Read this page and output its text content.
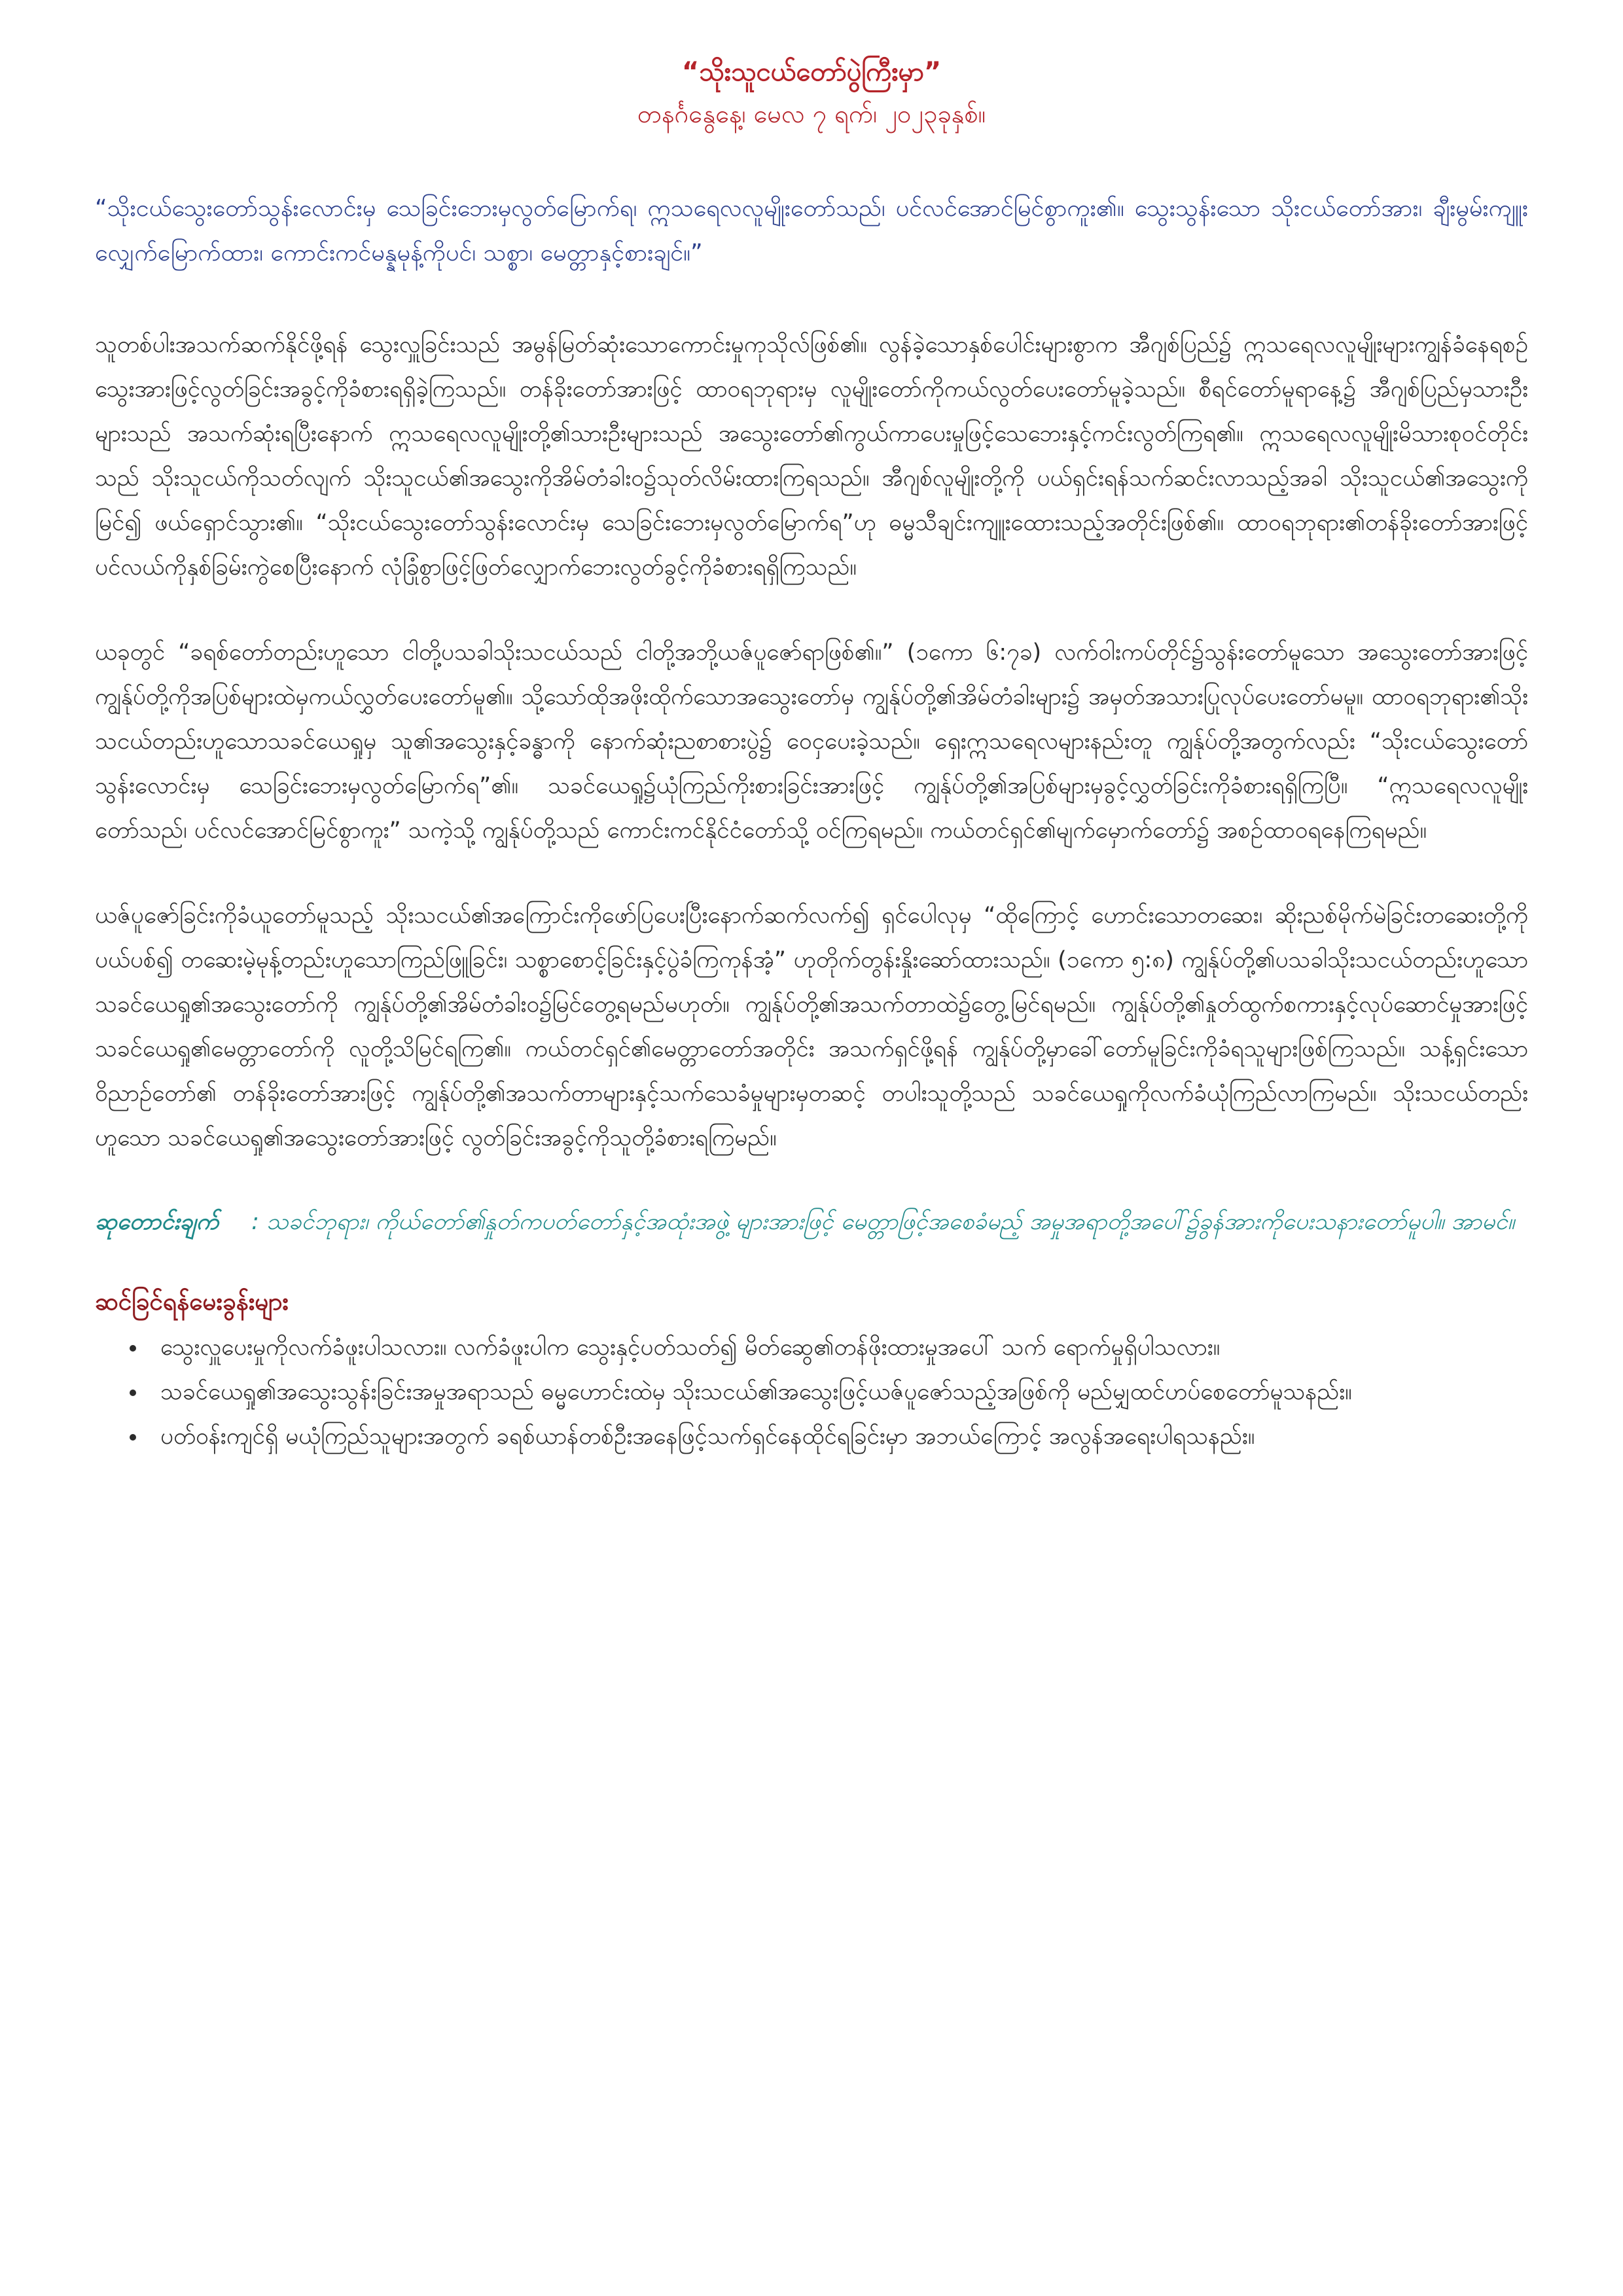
“သိုးသူငယ်တော်ပွဲကြီးမှာ”

တနင်္ဂနွေနေ့၊ မေလ ၇ ရက်၊ ၂၀၂၃ခုနှစ်။

“သိုးငယ်သွေးတော်သွန်းလောင်းမှ သေခြင်းဘေးမှလွတ်မြောက်ရ၊ ဣသရေလလူမျိုးတော်သည်၊ ပင်လင်အောင်မြင်စွာကူး၏။ သွေးသွန်းသော သိုးငယ်တော်အား၊ ချီးမွမ်းကျူးလျှေက်မြောက်ထား၊ ကောင်းကင်မန္နမုန့်ကိုပင်၊ သစ္စာ၊ မေတ္တာနှင့်စားချင်။”

သူတစ်ပါးအသက်ဆက်နိုင်ဖို့ရန် သွေးလှူခြင်းသည် အမွန်မြတ်ဆုံးသောကောင်းမှုကုသိုလ်ဖြစ်၏။ လွန်ခဲ့သောနှစ်ပေါင်းများစွာက အီဂျစ်ပြည်၌ ဣသရေလလူမျိုးများကျွန်ခံနေရစဉ် သွေးအားဖြင့်လွတ်ခြင်းအခွင့်ကိုခံစားရရှိခဲ့ကြသည်။ တန်ခိုးတော်အားဖြင့် ထာဝရဘုရားမှ လူမျိုးတော်ကိုကယ်လွတ်ပေးတော်မူခဲ့သည်။ စီရင်တော်မူရာနေ့၌ အီဂျစ်ပြည်မှသားဦးများသည် အသက်ဆုံးရပြီးနောက် ဣသရေလလူမျိုးတို့၏သားဦးများသည် အသွေးတော်၏ကွယ်ကာပေးမှုဖြင့်သေဘေးနှင့်ကင်းလွတ်ကြရ၏။ ဣသရေလလူမျိုးမိသားစုဝင်တိုင်းသည် သိုးသူငယ်ကိုသတ်လျက် သိုးသူငယ်၏အသွေးကိုအိမ်တံခါးဝ၌သုတ်လိမ်းထားကြရသည်။ အီဂျစ်လူမျိုးတို့ကို ပယ်ရှင်းရန်သက်ဆင်းလာသည့်အခါ သိုးသူငယ်၏အသွေးကိုမြင်၍ ဖယ်ရှောင်သွား၏။ “သိုးငယ်သွေးတော်သွန်းလောင်းမှ သေခြင်းဘေးမှလွတ်မြောက်ရ”ဟု ဓမ္မသီချင်းကျူးထေားသည့်အတိုင်းဖြစ်၏။ ထာဝရဘုရား၏တန်ခိုးတော်အားဖြင့် ပင်လယ်ကိုနှစ်ခြမ်းကွဲစေပြီးနောက် လုံခြုံစွာဖြင့်ဖြတ်လျှောက်ဘေးလွတ်ခွင့်ကိုခံစားရရှိကြသည်။

ယခုတွင် “ခရစ်တော်တည်းဟူသော ငါတို့ပသခါသိုးသငယ်သည် ငါတို့အဘို့ယဇ်ပူဇော်ရာဖြစ်၏။” (၁ကော ၆:၇ခ) လက်ဝါးကပ်တိုင်၌သွန်းတော်မူသော အသွေးတော်အားဖြင့် ကျွန်ုပ်တို့ကိုအပြစ်များထဲမှကယ်လွှတ်ပေးတော်မူ၏။ သို့သော်ထိုအဖိုးထိုက်သောအသွေးတော်မှ ကျွန်ုပ်တို့၏အိမ်တံခါးများ၌ အမှတ်အသားပြုလုပ်ပေးတော်မမူ။ ထာဝရဘုရား၏သိုးသငယ်တည်းဟူသောသခင်ယေရှုမှ သူ၏အသွေးနှင့်ခန္ဓာကို နောက်ဆုံးညစာစားပွဲ၌ ဝေငှပေးခဲ့သည်။ ရှေးဣသရေလများနည်းတူ ကျွန်ုပ်တို့အတွက်လည်း “သိုးငယ်သွေးတော်သွန်းလောင်းမှ သေခြင်းဘေးမှလွတ်မြောက်ရ”၏။ သခင်ယေရှု၌ယုံကြည်ကိုးစားခြင်းအားဖြင့် ကျွန်ုပ်တို့၏အပြစ်များမှခွင့်လွှတ်ခြင်းကိုခံစားရရှိကြပြီ။ “ဣသရေလလူမျိုးတော်သည်၊ ပင်လင်အောင်မြင်စွာကူး” သကဲ့သို့ ကျွန်ုပ်တို့သည် ကောင်းကင်နိုင်ငံတော်သို့ ဝင်ကြရမည်။ ကယ်တင်ရှင်၏မျက်မှောက်တော်၌ အစဉ်ထာဝရနေကြရမည်။

ယဇ်ပူဇော်ခြင်းကိုခံယူတော်မူသည့် သိုးသငယ်၏အကြောင်းကိုဖော်ပြပေးပြီးနောက်ဆက်လက်၍ ရှင်ပေါလုမှ “ထိုကြောင့် ဟောင်းသောတဆေး၊ ဆိုးညစ်မိုက်မဲခြင်းတဆေးတို့ကိုပယ်ပစ်၍ တဆေးမဲ့မုန့်တည်းဟူသောကြည်ဖြူခြင်း၊ သစ္စာစောင့်ခြင်းနှင့်ပွဲခံကြကုန်အံ့” ဟုတိုက်တွန်းနှိုးဆော်ထားသည်။ (၁ကော ၅:၈) ကျွန်ုပ်တို့၏ပသခါသိုးသငယ်တည်းဟူသော သခင်ယေရှု၏အသွေးတော်ကို ကျွန်ုပ်တို့၏အိမ်တံခါးဝ၌မြင်တွေ့ရမည်မဟုတ်။ ကျွန်ုပ်တို့၏အသက်တာထဲ၌တွေ့မြင်ရမည်။ ကျွန်ုပ်တို့၏နှုတ်ထွက်စကားနှင့်လုပ်ဆောင်မှုအားဖြင့် သခင်ယေရှု၏မေတ္တာတော်ကို လူတို့သိမြင်ရကြ၏။ ကယ်တင်ရှင်၏မေတ္တာတော်အတိုင်း အသက်ရှင်ဖို့ရန် ကျွန်ုပ်တို့မှာခေါ်တော်မူခြင်းကိုခံရသူများဖြစ်ကြသည်။ သန့်ရှင်းသောဝိညာဉ်တော်၏ တန်ခိုးတော်အားဖြင့် ကျွန်ုပ်တို့၏အသက်တာများနှင့်သက်သေခံမှုများမှတဆင့် တပါးသူတို့သည် သခင်ယေရှုကိုလက်ခံယုံကြည်လာကြမည်။ သိုးသငယ်တည်းဟူသော သခင်ယေရှု၏အသွေးတော်အားဖြင့် လွတ်ခြင်းအခွင့်ကိုသူတို့ခံစားရကြမည်။

ဆုတောင်းချက် : သခင်ဘုရား၊ ကိုယ်တော်၏နှုတ်ကပတ်တော်နှင့်အထုံးအဖွဲ့ များအားဖြင့် မေတ္တာဖြင့်အစေခံမည့် အမှုအရာတို့အပေါ်၌ခွန်အားကိုပေးသနားတော်မူပါ။ အာမင်။

ဆင်ခြင်ရန်မေးခွန်းများ

• သွေးလှူပေးမှုကိုလက်ခံဖူးပါသလား။ လက်ခံဖူးပါက သွေးနှင့်ပတ်သတ်၍ မိတ်ဆွေ၏တန်ဖိုးထားမှုအပေါ် သက် ရောက်မှုရှိပါသလား။
• သခင်ယေရှု၏အသွေးသွန်းခြင်းအမှုအရာသည် ဓမ္မဟောင်းထဲမှ သိုးသငယ်၏အသွေးဖြင့်ယဇ်ပူဇော်သည့်အဖြစ်ကို မည်မျှထင်ဟပ်စေတော်မူသနည်း။
• ပတ်ဝန်းကျင်ရှိ မယုံကြည်သူများအတွက် ခရစ်ယာန်တစ်ဦးအနေဖြင့်သက်ရှင်နေထိုင်ရခြင်းမှာ အဘယ်ကြောင့် အလွန်အရေးပါရသနည်း။
